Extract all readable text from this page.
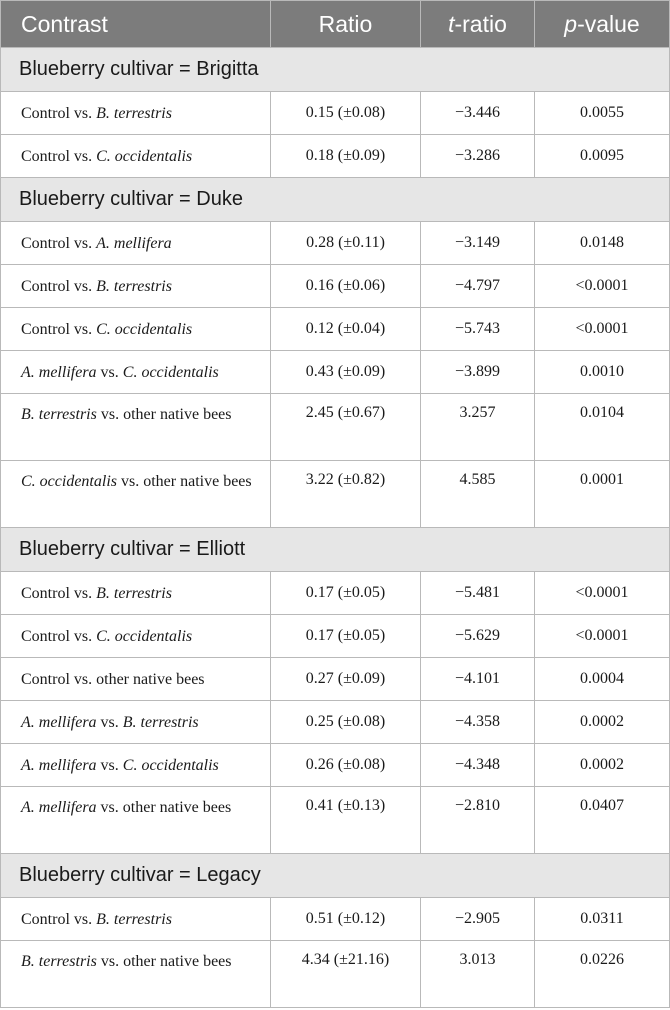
Contrast	Ratio	t-ratio	p-value
Blueberry cultivar = Brigitta			
Control vs. B. terrestris	0.15 (±0.08)	−3.446	0.0055
Control vs. C. occidentalis	0.18 (±0.09)	−3.286	0.0095
Blueberry cultivar = Duke			
Control vs. A. mellifera	0.28 (±0.11)	−3.149	0.0148
Control vs. B. terrestris	0.16 (±0.06)	−4.797	<0.0001
Control vs. C. occidentalis	0.12 (±0.04)	−5.743	<0.0001
A. mellifera vs. C. occidentalis	0.43 (±0.09)	−3.899	0.0010
B. terrestris vs. other native bees	2.45 (±0.67)	3.257	0.0104
C. occidentalis vs. other native bees	3.22 (±0.82)	4.585	0.0001
Blueberry cultivar = Elliott			
Control vs. B. terrestris	0.17 (±0.05)	−5.481	<0.0001
Control vs. C. occidentalis	0.17 (±0.05)	−5.629	<0.0001
Control vs. other native bees	0.27 (±0.09)	−4.101	0.0004
A. mellifera vs. B. terrestris	0.25 (±0.08)	−4.358	0.0002
A. mellifera vs. C. occidentalis	0.26 (±0.08)	−4.348	0.0002
A. mellifera vs. other native bees	0.41 (±0.13)	−2.810	0.0407
Blueberry cultivar = Legacy			
Control vs. B. terrestris	0.51 (±0.12)	−2.905	0.0311
B. terrestris vs. other native bees	4.34 (±21.16)	3.013	0.0226
